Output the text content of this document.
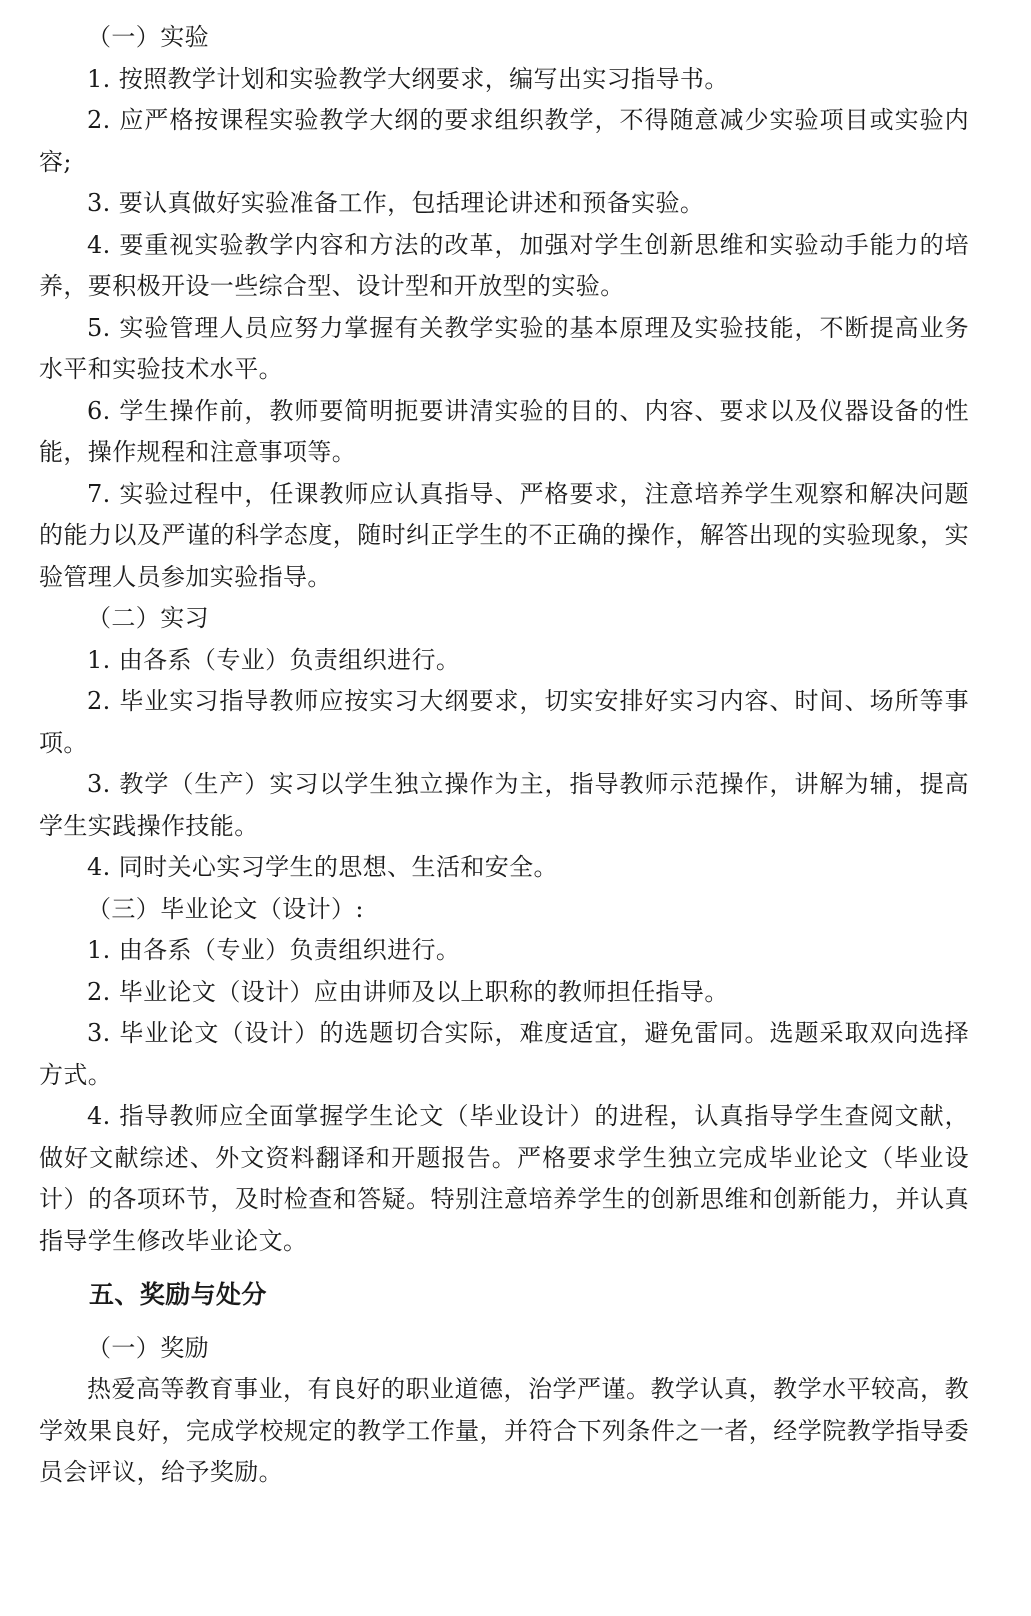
（一）实验

1. 按照教学计划和实验教学大纲要求，编写出实习指导书。

2. 应严格按课程实验教学大纲的要求组织教学，不得随意减少实验项目或实验内容;

3. 要认真做好实验准备工作，包括理论讲述和预备实验。

4. 要重视实验教学内容和方法的改革，加强对学生创新思维和实验动手能力的培养，要积极开设一些综合型、设计型和开放型的实验。

5. 实验管理人员应努力掌握有关教学实验的基本原理及实验技能，不断提高业务水平和实验技术水平。

6. 学生操作前，教师要简明扼要讲清实验的目的、内容、要求以及仪器设备的性能，操作规程和注意事项等。

7. 实验过程中，任课教师应认真指导、严格要求，注意培养学生观察和解决问题的能力以及严谨的科学态度，随时纠正学生的不正确的操作，解答出现的实验现象，实验管理人员参加实验指导。

（二）实习

1. 由各系（专业）负责组织进行。

2. 毕业实习指导教师应按实习大纲要求，切实安排好实习内容、时间、场所等事项。

3. 教学（生产）实习以学生独立操作为主，指导教师示范操作，讲解为辅，提高学生实践操作技能。

4. 同时关心实习学生的思想、生活和安全。

（三）毕业论文（设计）:

1. 由各系（专业）负责组织进行。

2. 毕业论文（设计）应由讲师及以上职称的教师担任指导。

3. 毕业论文（设计）的选题切合实际，难度适宜，避免雷同。选题采取双向选择方式。

4. 指导教师应全面掌握学生论文（毕业设计）的进程，认真指导学生查阅文献，做好文献综述、外文资料翻译和开题报告。严格要求学生独立完成毕业论文（毕业设计）的各项环节，及时检查和答疑。特别注意培养学生的创新思维和创新能力，并认真指导学生修改毕业论文。

五、奖励与处分

（一）奖励

热爱高等教育事业，有良好的职业道德，治学严谨。教学认真，教学水平较高，教学效果良好，完成学校规定的教学工作量，并符合下列条件之一者，经学院教学指导委员会评议，给予奖励。
